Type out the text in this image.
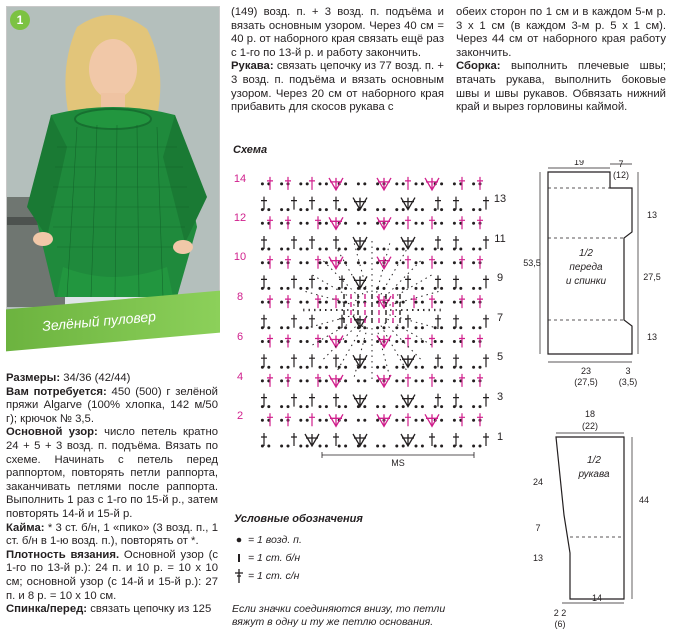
1
Зелёный пуловер
Размеры: 34/36 (42/44)
Вам потребуется: 450 (500) г зелёной пряжи Algarve (100% хлопка, 142 м/50 г); крючок № 3,5.
Основной узор: число петель кратно 24 + 5 + 3 возд. п. подъёма. Вязать по схеме. Начинать с петель перед раппортом, повторять петли раппорта, заканчивать петлями после раппорта. Выполнить 1 раз с 1-го по 15-й р., затем повторять 14-й и 15-й р.
Кайма: * 3 ст. б/н, 1 «пико» (3 возд. п., 1 ст. б/н в 1-ю возд. п.), повторять от *.
Плотность вязания. Основной узор (с 1-го по 13-й р.): 24 п. и 10 р. = 10 х 10 см; основной узор (с 14-й и 15-й р.): 27 п. и 8 р. = 10 х 10 см.
Спинка/перед: связать цепочку из 125
(149) возд. п. + 3 возд. п. подъёма и вязать основным узором. Через 40 см = 40 р. от наборного края связать ещё раз с 1-го по 13-й р. и работу закончить.
Рукава: связать цепочку из 77 возд. п. + 3 возд. п. подъёма и вязать основным узором. Через 20 см от наборного края прибавить для скосов рукава с
обеих сторон по 1 см и в каждом 5-м р. 3 х 1 см (в каждом 3-м р. 5 х 1 см). Через 44 см от наборного края работу закончить.
Сборка: выполнить плечевые швы; втачать рукава, выполнить боковые швы и швы рукавов. Обвязать нижний край и вырез горловины каймой.
Схема
14
12
10
8
6
4
2
13
11
9
7
5
3
1
MS
19	7
(12)
53,5
13
27,5
13
23
(27,5)
3
(3,5)
1/2
переда
и спинки
18
(22)
24
7
13
44
14
2 2
(6)
1/2
рукава
Условные обозначения
= 1 возд. п.
= 1 ст. б/н
= 1 ст. с/н
Если значки соединяются внизу, то петли вяжут в одну и ту же петлю основания.
